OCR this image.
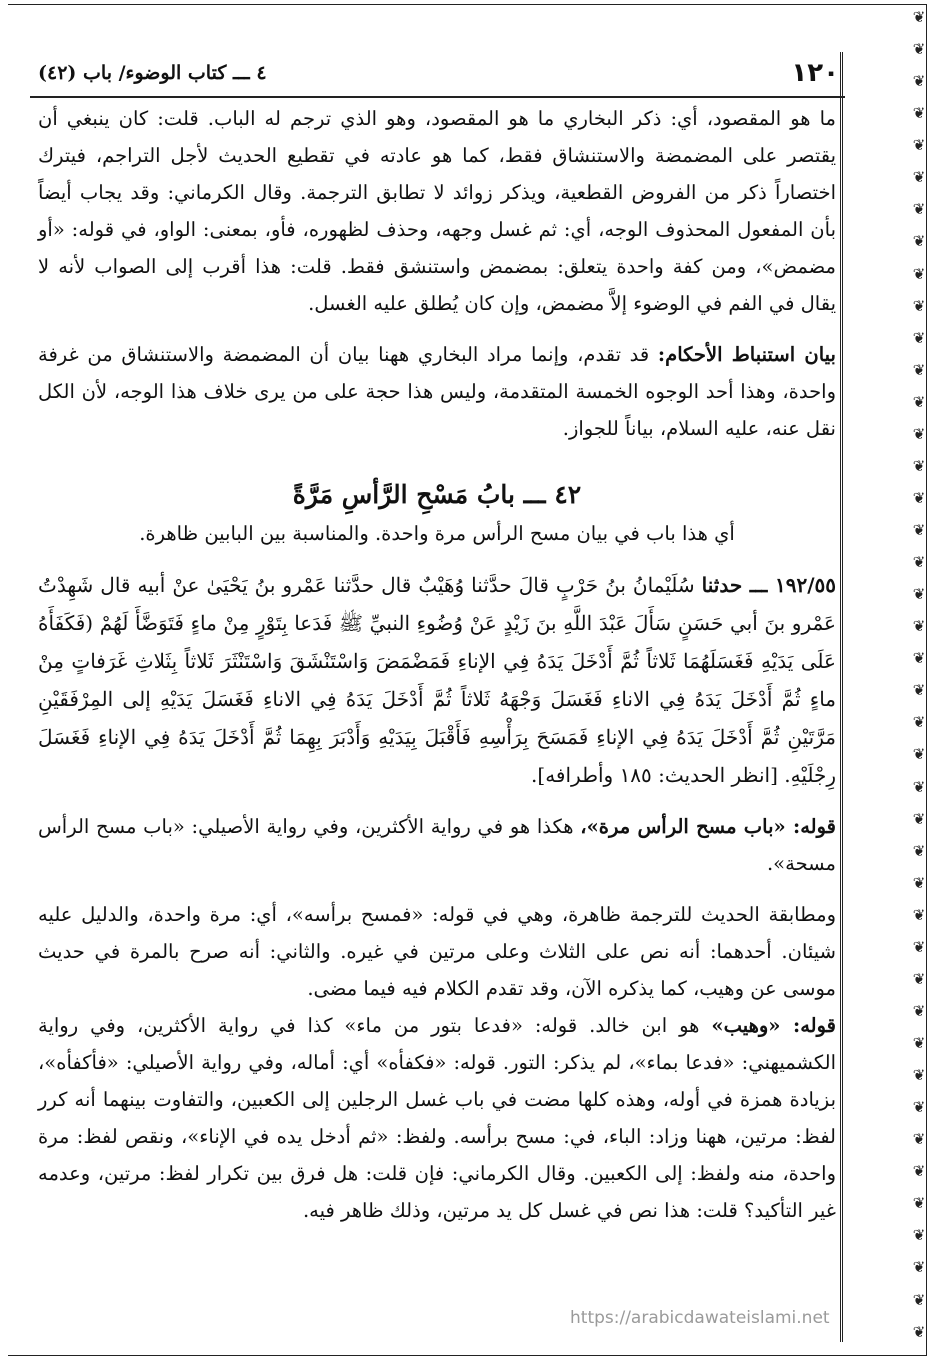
❦
❦
❦
❦
❦
❦
❦
❦
❦
❦
❦
❦
❦
❦
❦
❦
❦
❦
❦
❦
❦
❦
❦
❦
❦
❦
❦
❦
❦
❦
❦
❦
❦
❦
❦
❦
❦
❦
❦
❦
❦
❦
١٢٠
٤ ـــ كتاب الوضوء/ باب (٤٢)

ما هو المقصود، أي: ذكر البخاري ما هو المقصود، وهو الذي ترجم له الباب. قلت: كان ينبغي أن يقتصر على المضمضة والاستنشاق فقط، كما هو عادته في تقطيع الحديث لأجل التراجم، فيترك اختصاراً ذكر من الفروض القطعية، ويذكر زوائد لا تطابق الترجمة. وقال الكرماني: وقد يجاب أيضاً بأن المفعول المحذوف الوجه، أي: ثم غسل وجهه، وحذف لظهوره، فأو، بمعنى: الواو، في قوله: «أو مضمض»، ومن كفة واحدة يتعلق: بمضمض واستنشق فقط. قلت: هذا أقرب إلى الصواب لأنه لا يقال في الفم في الوضوء إلاَّ مضمض، وإن كان يُطلق عليه الغسل.

بيان استنباط الأحكام: قد تقدم، وإنما مراد البخاري ههنا بيان أن المضمضة والاستنشاق من غرفة واحدة، وهذا أحد الوجوه الخمسة المتقدمة، وليس هذا حجة على من يرى خلاف هذا الوجه، لأن الكل نقل عنه، عليه السلام، بياناً للجواز.

٤٢ ـــ بابُ مَسْحِ الرَّأسِ مَرَّةً

أي هذا باب في بيان مسح الرأس مرة واحدة. والمناسبة بين البابين ظاهرة.

١٩٢/٥٥ ـــ حدثنا سُلَيْمانُ بنُ حَرْبٍ قالَ حدَّثنا وُهَيْبٌ قال حدَّثنا عَمْرو بنُ يَحْيَىٰ عنْ أبيه قال شَهِدْتُ عَمْرو بنَ أبي حَسَنٍ سَأَلَ عَبْدَ اللَّهِ بنَ زَيْدٍ عَنْ وُضُوءِ النبيِّ ﷺ فَدَعا بِتَوْرٍ مِنْ ماءٍ فَتَوَضَّأَ لَهُمْ (فَكَفَأَهُ عَلَى يَدَيْهِ فَغَسَلَهُمَا ثَلاثاً ثُمَّ أَدْخَلَ يَدَهُ فِي الإناءِ فَمَضْمَضَ وَاسْتَنْشَقَ وَاسْتَنْثَرَ ثَلاثاً بِثَلاثِ غَرَفاتٍ مِنْ ماءٍ ثُمَّ أَدْخَلَ يَدَهُ فِي الاناءِ فَغَسَلَ وَجْهَهُ ثَلاثاً ثُمَّ أَدْخَلَ يَدَهُ فِي الاناءِ فَغَسَلَ يَدَيْهِ إلى المِرْفَقَيْنِ مَرَّتَيْنِ ثُمَّ أَدْخَلَ يَدَهُ فِي الإناءِ فَمَسَحَ بِرَأْسِهِ فَأَقْبَلَ بِيَدَيْهِ وَأَدْبَرَ بِهِمَا ثُمَّ أَدْخَلَ يَدَهُ فِي الإناءِ فَغَسَلَ رِجْلَيْهِ. [انظر الحديث: ١٨٥ وأطرافه].

قوله: «باب مسح الرأس مرة»، هكذا هو في رواية الأكثرين، وفي رواية الأصيلي: «باب مسح الرأس مسحة».

ومطابقة الحديث للترجمة ظاهرة، وهي في قوله: «فمسح برأسه»، أي: مرة واحدة، والدليل عليه شيئان. أحدهما: أنه نص على الثلاث وعلى مرتين في غيره. والثاني: أنه صرح بالمرة في حديث موسى عن وهيب، كما يذكره الآن، وقد تقدم الكلام فيه فيما مضى.

قوله: «وهيب» هو ابن خالد. قوله: «فدعا بتور من ماء» كذا في رواية الأكثرين، وفي رواية الكشميهني: «فدعا بماء»، لم يذكر: التور. قوله: «فكفأه» أي: أماله، وفي رواية الأصيلي: «فأكفأه»، بزيادة همزة في أوله، وهذه كلها مضت في باب غسل الرجلين إلى الكعبين، والتفاوت بينهما أنه كرر لفظ: مرتين، ههنا وزاد: الباء، في: مسح برأسه. ولفظ: «ثم أدخل يده في الإناء»، ونقص لفظ: مرة واحدة، منه ولفظ: إلى الكعبين. وقال الكرماني: فإن قلت: هل فرق بين تكرار لفظ: مرتين، وعدمه غير التأكيد؟ قلت: هذا نص في غسل كل يد مرتين، وذلك ظاهر فيه.

https://arabicdawateislami.net
